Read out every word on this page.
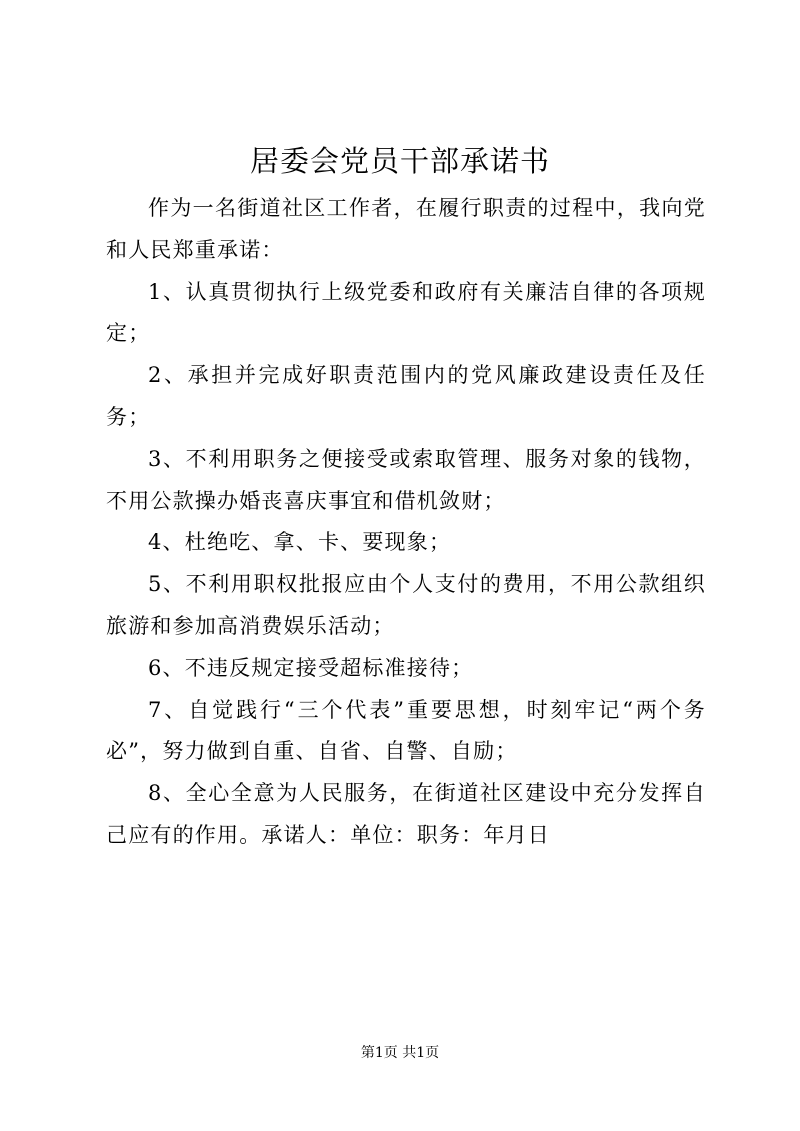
居委会党员干部承诺书

作为一名街道社区工作者，在履行职责的过程中，我向党和人民郑重承诺：

1、认真贯彻执行上级党委和政府有关廉洁自律的各项规定；

2、承担并完成好职责范围内的党风廉政建设责任及任务；

3、不利用职务之便接受或索取管理、服务对象的钱物，不用公款操办婚丧喜庆事宜和借机敛财；

4、杜绝吃、拿、卡、要现象；

5、不利用职权批报应由个人支付的费用，不用公款组织旅游和参加高消费娱乐活动；

6、不违反规定接受超标准接待；

7、自觉践行“三个代表”重要思想，时刻牢记“两个务必”，努力做到自重、自省、自警、自励；

8、全心全意为人民服务，在街道社区建设中充分发挥自己应有的作用。承诺人：单位：职务：年月日

第1页 共1页
